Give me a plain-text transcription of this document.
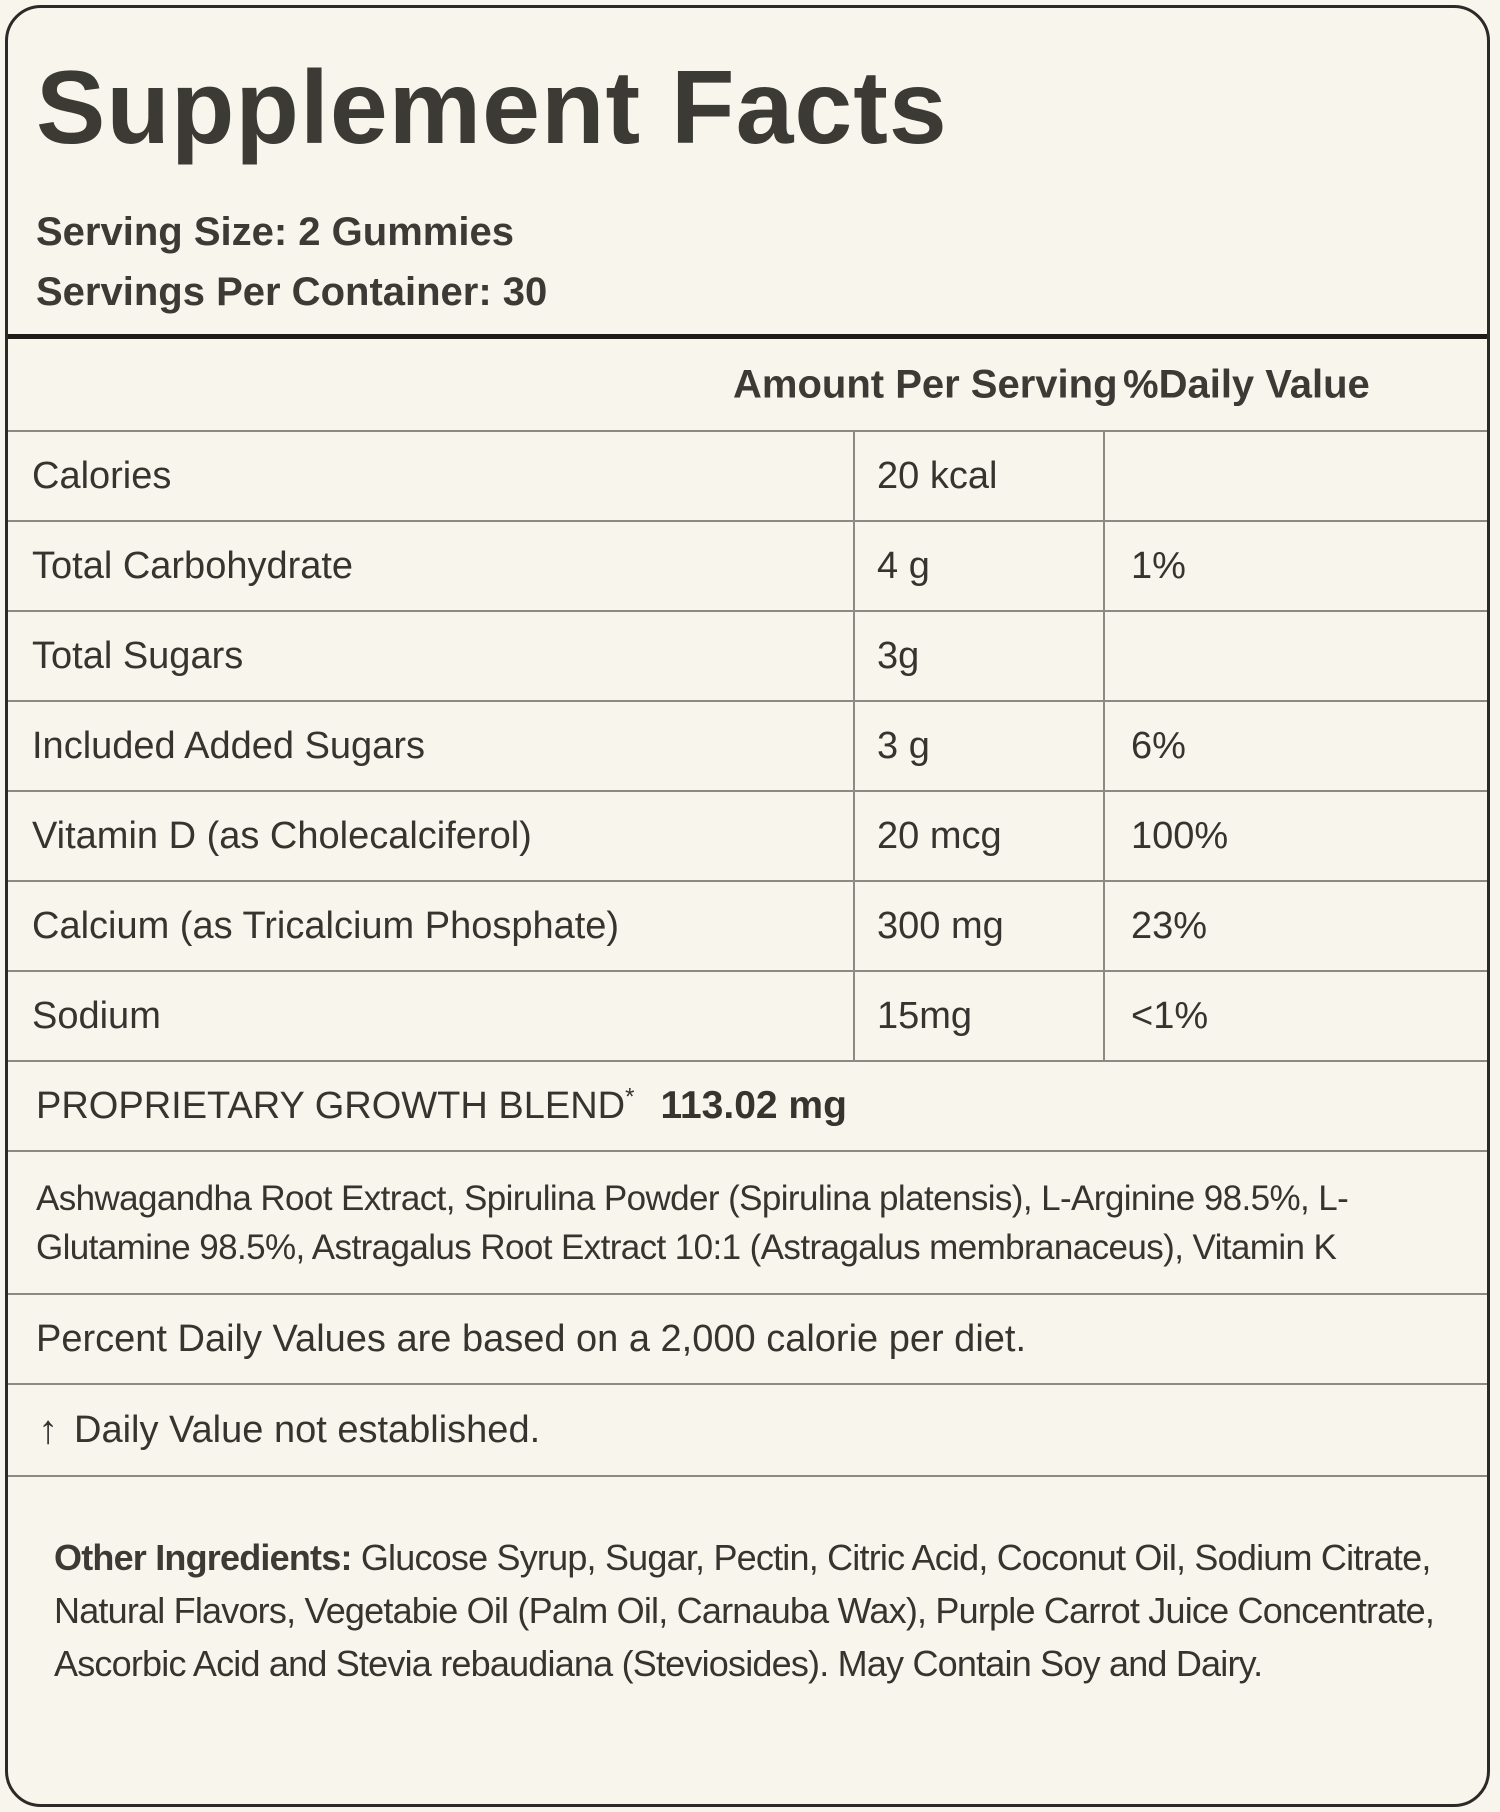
Supplement Facts
Serving Size: 2 Gummies
Servings Per Container: 30
Amount Per Serving %Daily Value
Calories	20 kcal
Total Carbohydrate	4 g	1%
Total Sugars	3g
Included Added Sugars	3 g	6%
Vitamin D (as Cholecalciferol)	20 mcg	100%
Calcium (as Tricalcium Phosphate)	300 mg	23%
Sodium	15mg	<1%
PROPRIETARY GROWTH BLEND* 113.02 mg
Ashwagandha Root Extract, Spirulina Powder (Spirulina platensis), L-Arginine 98.5%, L-Glutamine 98.5%, Astragalus Root Extract 10:1 (Astragalus membranaceus), Vitamin K
Percent Daily Values are based on a 2,000 calorie per diet.
↑ Daily Value not established.
Other Ingredients: Glucose Syrup, Sugar, Pectin, Citric Acid, Coconut Oil, Sodium Citrate, Natural Flavors, Vegetabie Oil (Palm Oil, Carnauba Wax), Purple Carrot Juice Concentrate, Ascorbic Acid and Stevia rebaudiana (Steviosides). May Contain Soy and Dairy.
